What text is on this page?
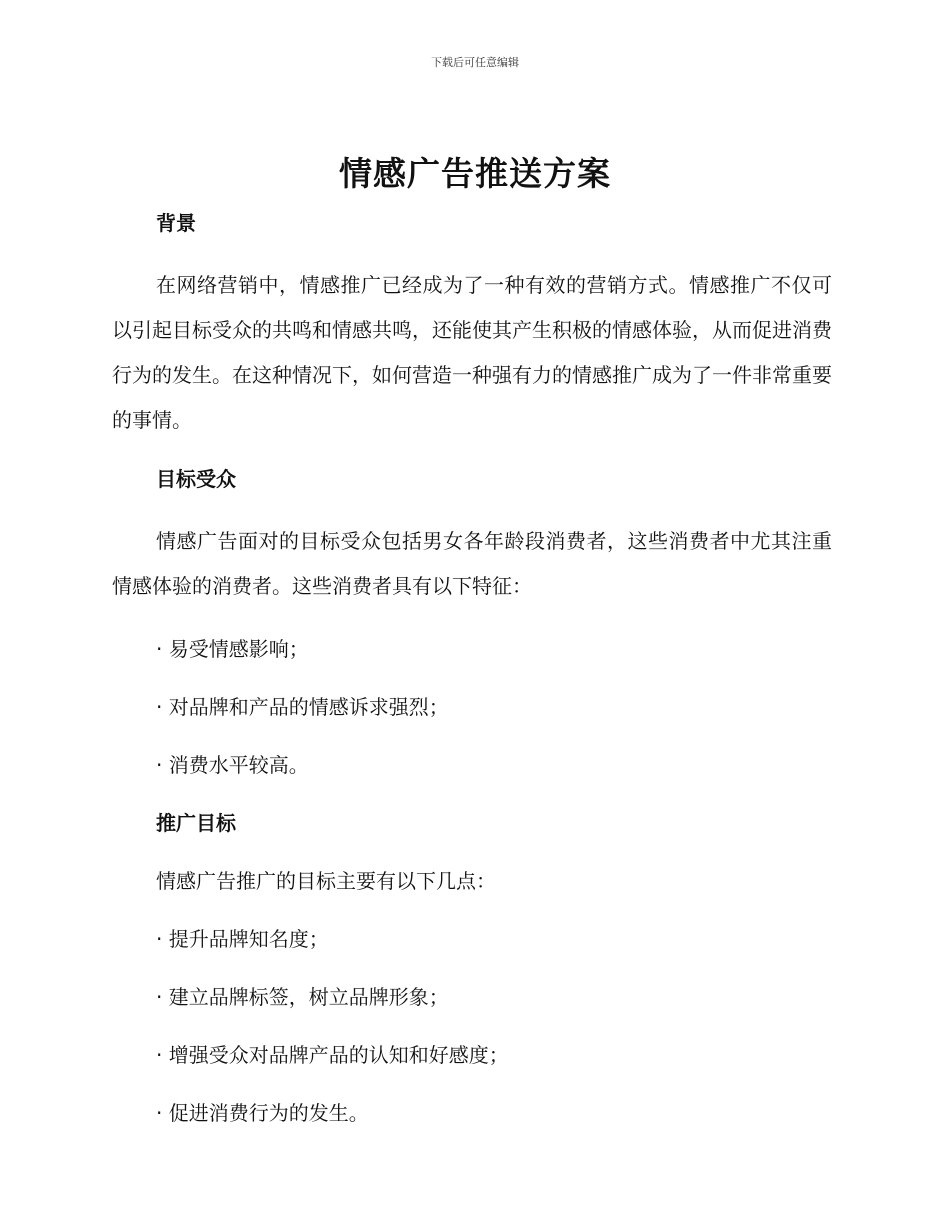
下载后可任意编辑
情感广告推送方案
背景

在网络营销中，情感推广已经成为了一种有效的营销方式。情感推广不仅可以引起目标受众的共鸣和情感共鸣，还能使其产生积极的情感体验，从而促进消费行为的发生。在这种情况下，如何营造一种强有力的情感推广成为了一件非常重要的事情。

目标受众

情感广告面对的目标受众包括男女各年龄段消费者，这些消费者中尤其注重情感体验的消费者。这些消费者具有以下特征：

· 易受情感影响；

· 对品牌和产品的情感诉求强烈；

· 消费水平较高。

推广目标

情感广告推广的目标主要有以下几点：

· 提升品牌知名度；

· 建立品牌标签，树立品牌形象；

· 增强受众对品牌产品的认知和好感度；

· 促进消费行为的发生。
